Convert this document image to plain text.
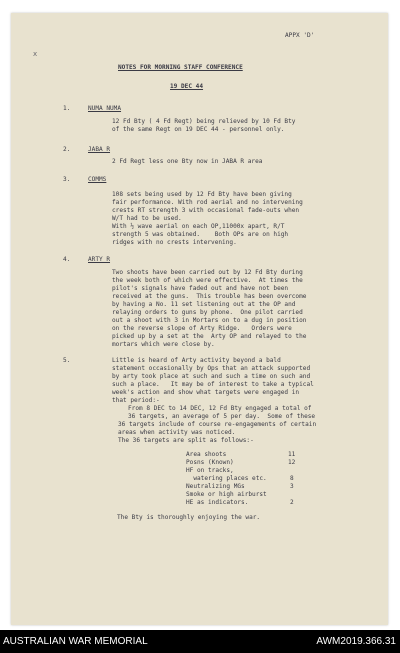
APPX 'D'
x
NOTES FOR MORNING STAFF CONFERENCE
19 DEC 44
1.	NUMA NUMA
12 Fd Bty ( 4 Fd Regt) being relieved by 10 Fd Bty
of the same Regt on 19 DEC 44 - personnel only.
2.	JABA R
2 Fd Regt less one Bty now in JABA R area
3.	COMMS
108 sets being used by 12 Fd Bty have been giving
fair performance. With rod aerial and no intervening
crests RT strength 3 with occasional fade-outs when
W/T had to be used.
With ½ wave aerial on each OP,11000x apart, R/T
strength 5 was obtained.    Both OPs are on high
ridges with no crests intervening.
4.	ARTY R
Two shoots have been carried out by 12 Fd Bty during
the week both of which were effective.  At times the
pilot's signals have faded out and have not been
received at the guns.  This trouble has been overcome
by having a No. 11 set listening out at the OP and
relaying orders to guns by phone.  One pilot carried
out a shoot with 3 in Mortars on to a dug in position
on the reverse slope of Arty Ridge.   Orders were
picked up by a set at the  Arty OP and relayed to the
mortars which were close by.
5.	Little is heard of Arty activity beyond a bald
statement occasionally by Ops that an attack supported
by arty took place at such and such a time on such and
such a place.   It may be of interest to take a typical
week's action and show what targets were engaged in
that period:-
From 8 DEC to 14 DEC, 12 Fd Bty engaged a total of
36 targets, an average of 5 per day.  Some of these
36 targets include of course re-engagements of certain
areas when activity was noticed.
The 36 targets are split as follows:-
Area shoots	11
Posns (Known)	12
HF on tracks,
watering places etc.	8
Neutralizing MGs	3
Smoke or high airburst
HE as indicators.	2
The Bty is thoroughly enjoying the war.
AUSTRALIAN WAR MEMORIAL	AWM2019.366.31
